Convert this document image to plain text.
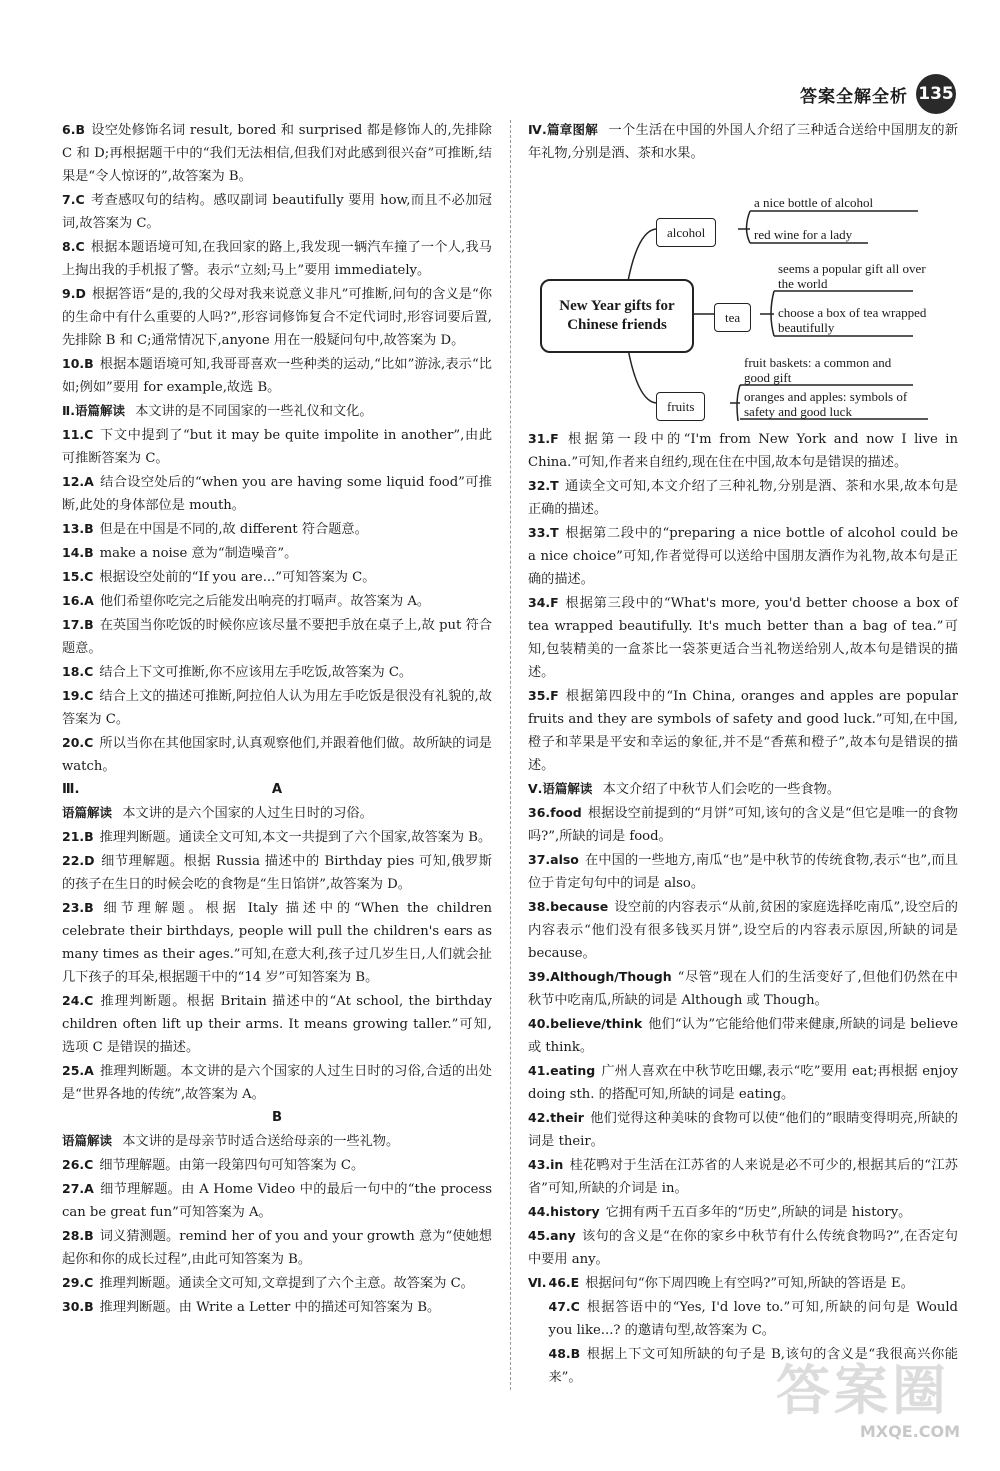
答案全解全析 135

6.B 设空处修饰名词 result, bored 和 surprised 都是修饰人的,先排除 C 和 D;再根据题干中的“我们无法相信,但我们对此感到很兴奋”可推断,结果是“令人惊讶的”,故答案为 B。

7.C 考查感叹句的结构。感叹副词 beautifully 要用 how,而且不必加冠词,故答案为 C。

8.C 根据本题语境可知,在我回家的路上,我发现一辆汽车撞了一个人,我马上掏出我的手机报了警。表示“立刻;马上”要用 immediately。

9.D 根据答语“是的,我的父母对我来说意义非凡”可推断,问句的含义是“你的生命中有什么重要的人吗?”,形容词修饰复合不定代词时,形容词要后置,先排除 B 和 C;通常情况下,anyone 用在一般疑问句中,故答案为 D。

10.B 根据本题语境可知,我哥哥喜欢一些种类的运动,“比如”游泳,表示“比如;例如”要用 for example,故选 B。

Ⅱ.语篇解读 本文讲的是不同国家的一些礼仪和文化。

11.C 下文中提到了“but it may be quite impolite in another”,由此可推断答案为 C。

12.A 结合设空处后的“when you are having some liquid food”可推断,此处的身体部位是 mouth。

13.B 但是在中国是不同的,故 different 符合题意。

14.B make a noise 意为“制造噪音”。

15.C 根据设空处前的“If you are...”可知答案为 C。

16.A 他们希望你吃完之后能发出响亮的打嗝声。故答案为 A。

17.B 在英国当你吃饭的时候你应该尽量不要把手放在桌子上,故 put 符合题意。

18.C 结合上下文可推断,你不应该用左手吃饭,故答案为 C。

19.C 结合上文的描述可推断,阿拉伯人认为用左手吃饭是很没有礼貌的,故答案为 C。

20.C 所以当你在其他国家时,认真观察他们,并跟着他们做。故所缺的词是 watch。

Ⅲ.	A

语篇解读 本文讲的是六个国家的人过生日时的习俗。

21.B 推理判断题。通读全文可知,本文一共提到了六个国家,故答案为 B。

22.D 细节理解题。根据 Russia 描述中的 Birthday pies 可知,俄罗斯的孩子在生日的时候会吃的食物是“生日馅饼”,故答案为 D。

23.B 细节理解题。根据 Italy 描述中的“When the children celebrate their birthdays, people will pull the children's ears as many times as their ages.”可知,在意大利,孩子过几岁生日,人们就会扯几下孩子的耳朵,根据题干中的“14 岁”可知答案为 B。

24.C 推理判断题。根据 Britain 描述中的“At school, the birthday children often lift up their arms. It means growing taller.”可知,选项 C 是错误的描述。

25.A 推理判断题。本文讲的是六个国家的人过生日时的习俗,合适的出处是“世界各地的传统”,故答案为 A。

B

语篇解读 本文讲的是母亲节时适合送给母亲的一些礼物。

26.C 细节理解题。由第一段第四句可知答案为 C。

27.A 细节理解题。由 A Home Video 中的最后一句中的“the process can be great fun”可知答案为 A。

28.B 词义猜测题。remind her of you and your growth 意为“使她想起你和你的成长过程”,由此可知答案为 B。

29.C 推理判断题。通读全文可知,文章提到了六个主意。故答案为 C。

30.B 推理判断题。由 Write a Letter 中的描述可知答案为 B。

Ⅳ.篇章图解 一个生活在中国的外国人介绍了三种适合送给中国朋友的新年礼物,分别是酒、茶和水果。

New Year gifts for Chinese friends
alcohol
tea
fruits
a nice bottle of alcohol
red wine for a lady
seems a popular gift all over the world
choose a box of tea wrapped beautifully
fruit baskets: a common and good gift
oranges and apples: symbols of safety and good luck

31.F 根据第一段中的“I'm from New York and now I live in China.”可知,作者来自纽约,现在住在中国,故本句是错误的描述。

32.T 通读全文可知,本文介绍了三种礼物,分别是酒、茶和水果,故本句是正确的描述。

33.T 根据第二段中的“preparing a nice bottle of alcohol could be a nice choice”可知,作者觉得可以送给中国朋友酒作为礼物,故本句是正确的描述。

34.F 根据第三段中的“What's more, you'd better choose a box of tea wrapped beautifully. It's much better than a bag of tea.”可知,包装精美的一盒茶比一袋茶更适合当礼物送给别人,故本句是错误的描述。

35.F 根据第四段中的“In China, oranges and apples are popular fruits and they are symbols of safety and good luck.”可知,在中国,橙子和苹果是平安和幸运的象征,并不是“香蕉和橙子”,故本句是错误的描述。

Ⅴ.语篇解读 本文介绍了中秋节人们会吃的一些食物。

36.food 根据设空前提到的“月饼”可知,该句的含义是“但它是唯一的食物吗?”,所缺的词是 food。

37.also 在中国的一些地方,南瓜“也”是中秋节的传统食物,表示“也”,而且位于肯定句句中的词是 also。

38.because 设空前的内容表示“从前,贫困的家庭选择吃南瓜”,设空后的内容表示“他们没有很多钱买月饼”,设空后的内容表示原因,所缺的词是 because。

39.Although/Though “尽管”现在人们的生活变好了,但他们仍然在中秋节中吃南瓜,所缺的词是 Although 或 Though。

40.believe/think 他们“认为”它能给他们带来健康,所缺的词是 believe 或 think。

41.eating 广州人喜欢在中秋节吃田螺,表示“吃”要用 eat;再根据 enjoy doing sth. 的搭配可知,所缺的词是 eating。

42.their 他们觉得这种美味的食物可以使“他们的”眼睛变得明亮,所缺的词是 their。

43.in 桂花鸭对于生活在江苏省的人来说是必不可少的,根据其后的“江苏省”可知,所缺的介词是 in。

44.history 它拥有两千五百多年的“历史”,所缺的词是 history。

45.any 该句的含义是“在你的家乡中秋节有什么传统食物吗?”,在否定句中要用 any。

Ⅵ. 46.E 根据问句“你下周四晚上有空吗?”可知,所缺的答语是 E。

47.C 根据答语中的“Yes, I'd love to.”可知,所缺的问句是 Would you like...? 的邀请句型,故答案为 C。

48.B 根据上下文可知所缺的句子是 B,该句的含义是“我很高兴你能来”。	答案圈
MXQE.COM
